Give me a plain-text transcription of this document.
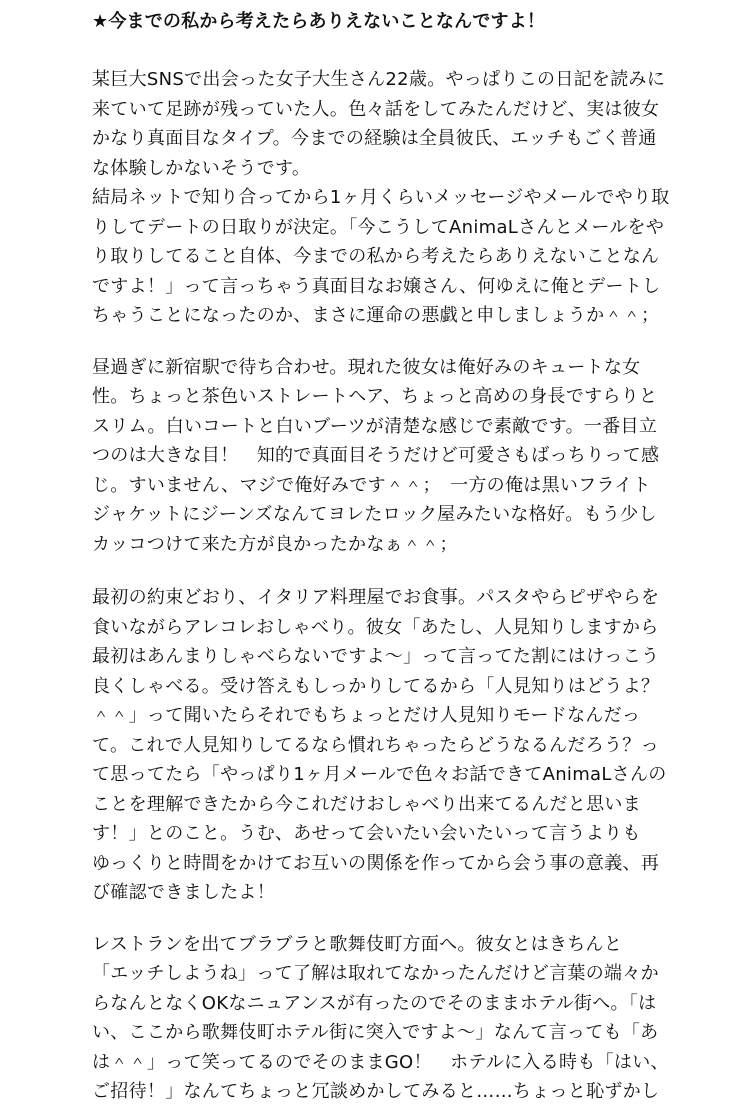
★今までの私から考えたらありえないことなんですよ！

某巨大SNSで出会った女子大生さん22歳。やっぱりこの日記を読みに
来ていて足跡が残っていた人。色々話をしてみたんだけど、実は彼女
かなり真面目なタイプ。今までの経験は全員彼氏、エッチもごく普通
な体験しかないそうです。
結局ネットで知り合ってから1ヶ月くらいメッセージやメールでやり取
りしてデートの日取りが決定。「今こうしてAnimaLさんとメールをや
り取りしてること自体、今までの私から考えたらありえないことなん
ですよ！」って言っちゃう真面目なお嬢さん、何ゆえに俺とデートし
ちゃうことになったのか、まさに運命の悪戯と申しましょうか＾＾；

昼過ぎに新宿駅で待ち合わせ。現れた彼女は俺好みのキュートな女
性。ちょっと茶色いストレートヘア、ちょっと高めの身長ですらりと
スリム。白いコートと白いブーツが清楚な感じで素敵です。一番目立
つのは大きな目！　知的で真面目そうだけど可愛さもばっちりって感
じ。すいません、マジで俺好みです＾＾；　一方の俺は黒いフライト
ジャケットにジーンズなんてヨレたロック屋みたいな格好。もう少し
カッコつけて来た方が良かったかなぁ＾＾；

最初の約束どおり、イタリア料理屋でお食事。パスタやらピザやらを
食いながらアレコレおしゃべり。彼女「あたし、人見知りしますから
最初はあんまりしゃべらないですよ〜」って言ってた割にはけっこう
良くしゃべる。受け答えもしっかりしてるから「人見知りはどうよ？
＾＾」って聞いたらそれでもちょっとだけ人見知りモードなんだっ
て。これで人見知りしてるなら慣れちゃったらどうなるんだろう？っ
て思ってたら「やっぱり1ヶ月メールで色々お話できてAnimaLさんの
ことを理解できたから今これだけおしゃべり出来てるんだと思いま
す！」とのこと。うむ、あせって会いたい会いたいって言うよりも
ゆっくりと時間をかけてお互いの関係を作ってから会う事の意義、再
び確認できましたよ！

レストランを出てブラブラと歌舞伎町方面へ。彼女とはきちんと
「エッチしようね」って了解は取れてなかったんだけど言葉の端々か
らなんとなくOKなニュアンスが有ったのでそのままホテル街へ。「は
い、ここから歌舞伎町ホテル街に突入ですよ〜」なんて言っても「あ
は＾＾」って笑ってるのでそのままGO！　ホテルに入る時も「はい、
ご招待！」なんてちょっと冗談めかしてみると……ちょっと恥ずかし
